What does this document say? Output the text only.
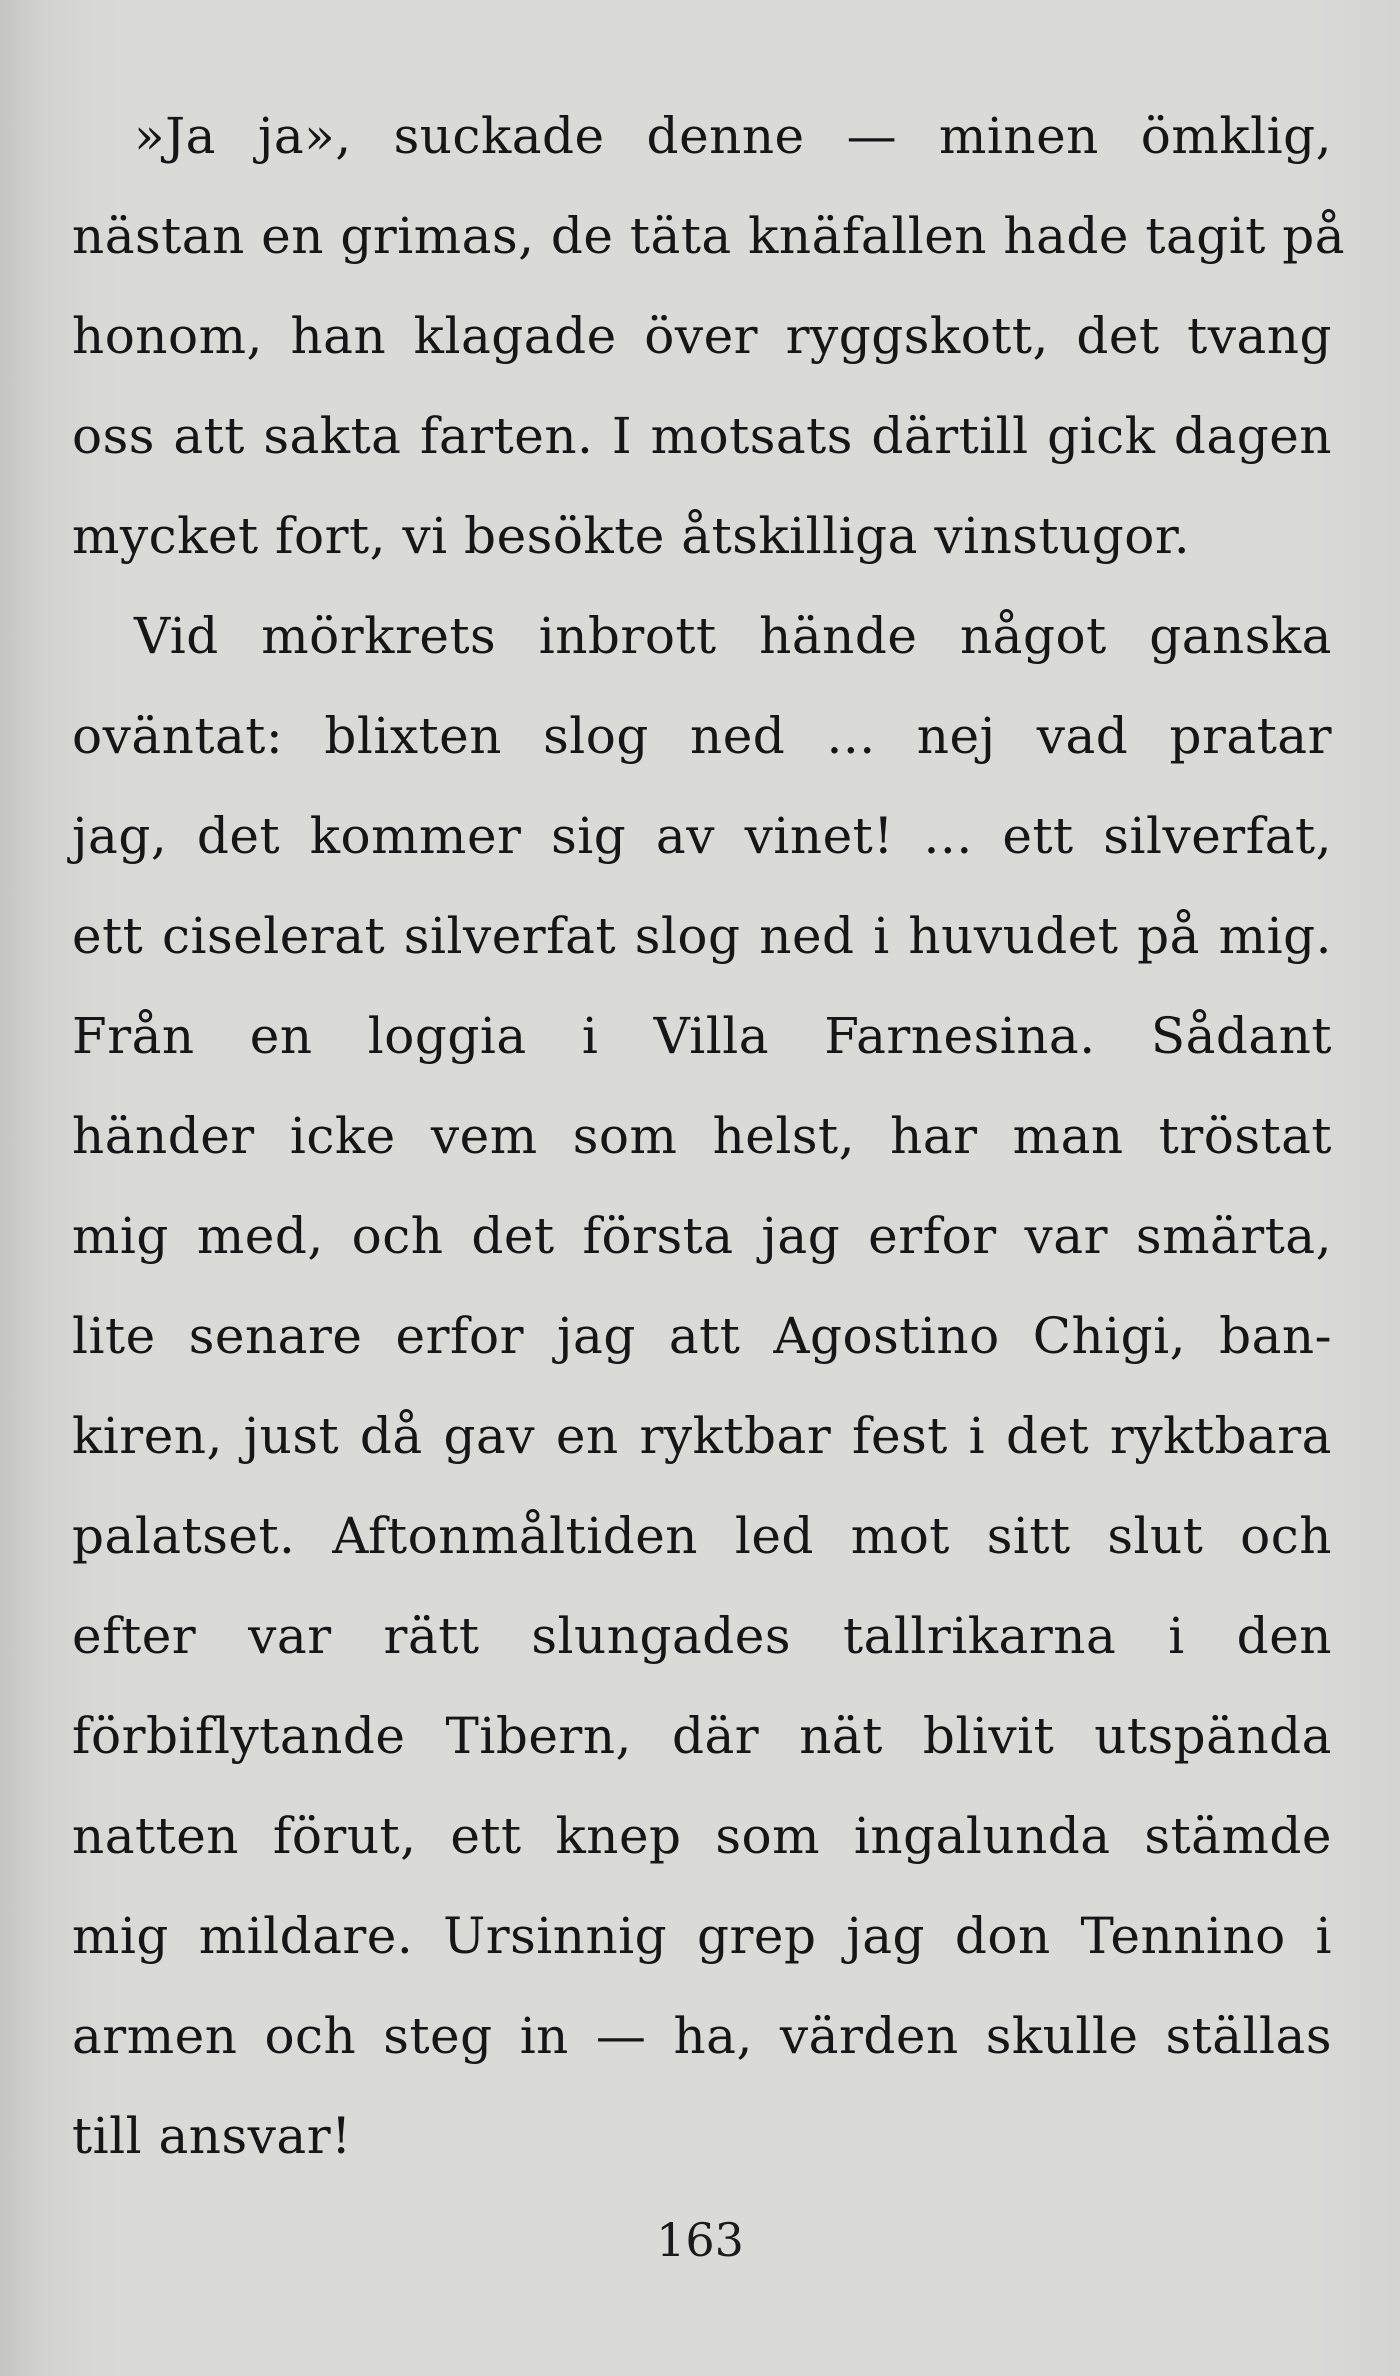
»Ja ja», suckade denne — minen ömklig,
nästan en grimas, de täta knäfallen hade tagit på
honom, han klagade över ryggskott, det tvang
oss att sakta farten. I motsats därtill gick dagen
mycket fort, vi besökte åtskilliga vinstugor.
Vid mörkrets inbrott hände något ganska
oväntat: blixten slog ned ... nej vad pratar
jag, det kommer sig av vinet! ... ett silverfat,
ett ciselerat silverfat slog ned i huvudet på mig.
Från en loggia i Villa Farnesina. Sådant
händer icke vem som helst, har man tröstat
mig med, och det första jag erfor var smärta,
lite senare erfor jag att Agostino Chigi, ban-
kiren, just då gav en ryktbar fest i det ryktbara
palatset. Aftonmåltiden led mot sitt slut och
efter var rätt slungades tallrikarna i den
förbiflytande Tibern, där nät blivit utspända
natten förut, ett knep som ingalunda stämde
mig mildare. Ursinnig grep jag don Tennino i
armen och steg in — ha, värden skulle ställas
till ansvar!
163
